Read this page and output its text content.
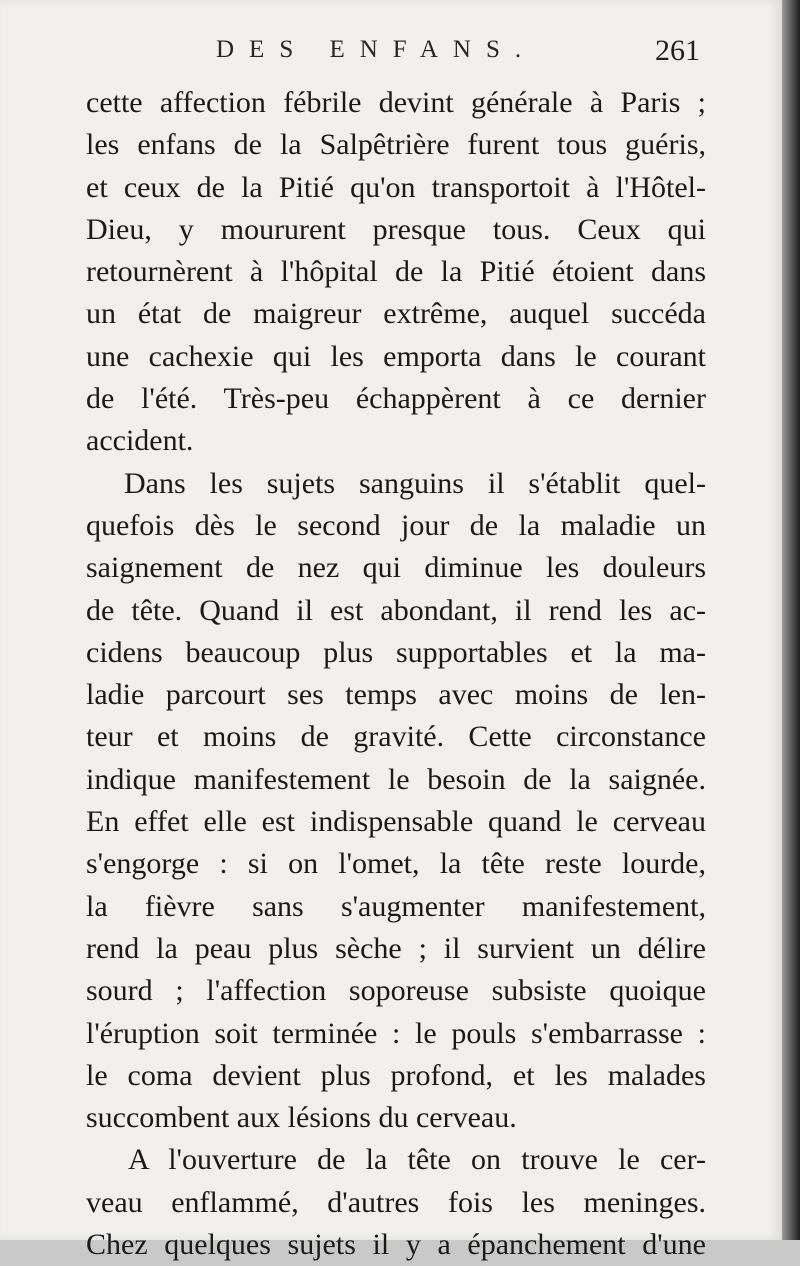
DES ENFANS.	261
cette affection fébrile devint générale à Paris ;
les enfans de la Salpêtrière furent tous guéris,
et ceux de la Pitié qu'on transportoit à l'Hôtel-
Dieu, y moururent presque tous. Ceux qui
retournèrent à l'hôpital de la Pitié étoient dans
un état de maigreur extrême, auquel succéda
une cachexie qui les emporta dans le courant
de l'été. Très-peu échappèrent à ce dernier
accident.
Dans les sujets sanguins il s'établit quel-
quefois dès le second jour de la maladie un
saignement de nez qui diminue les douleurs
de tête. Quand il est abondant, il rend les ac-
cidens beaucoup plus supportables et la ma-
ladie parcourt ses temps avec moins de len-
teur et moins de gravité. Cette circonstance
indique manifestement le besoin de la saignée.
En effet elle est indispensable quand le cerveau
s'engorge : si on l'omet, la tête reste lourde,
la fièvre sans s'augmenter manifestement,
rend la peau plus sèche ; il survient un délire
sourd ; l'affection soporeuse subsiste quoique
l'éruption soit terminée : le pouls s'embarrasse :
le coma devient plus profond, et les malades
succombent aux lésions du cerveau.
A l'ouverture de la tête on trouve le cer-
veau enflammé, d'autres fois les meninges.
Chez quelques sujets il y a épanchement d'une
